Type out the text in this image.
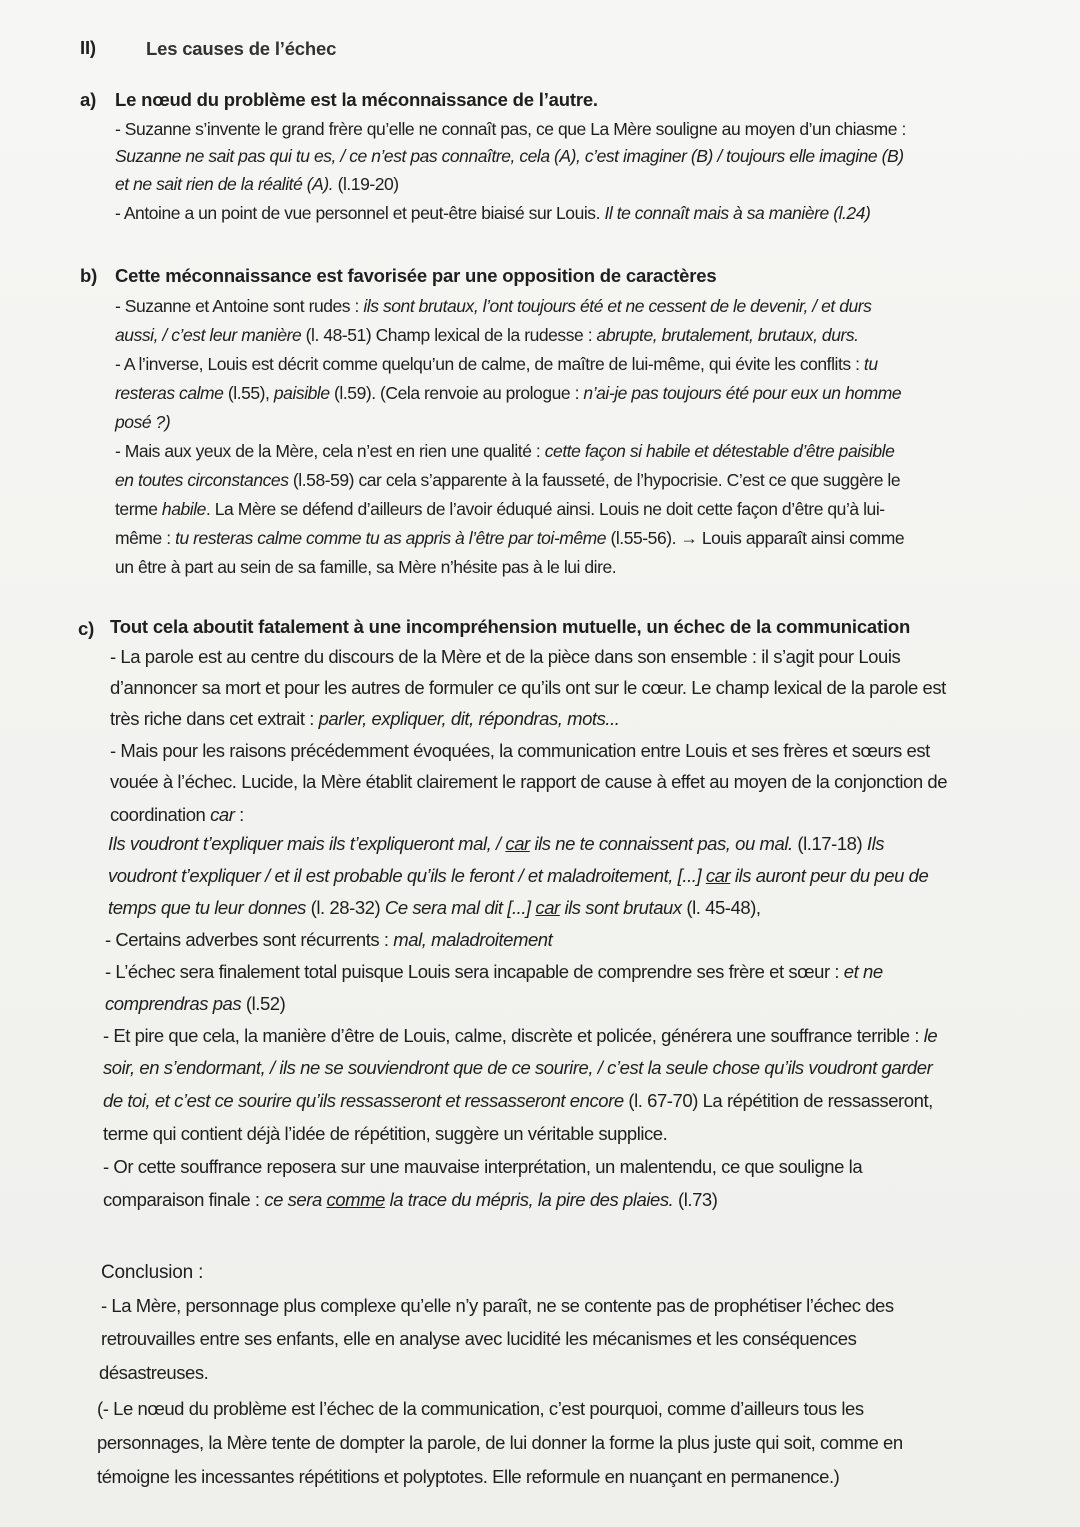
II)	Les causes de l’échec
a) Le nœud du problème est la méconnaissance de l’autre.
- Suzanne s’invente le grand frère qu’elle ne connaît pas, ce que La Mère souligne au moyen d’un chiasme :
Suzanne ne sait pas qui tu es, / ce n’est pas connaître, cela (A), c’est imaginer (B) / toujours elle imagine (B)
et ne sait rien de la réalité (A). (l.19-20)
- Antoine a un point de vue personnel et peut-être biaisé sur Louis. Il te connaît mais à sa manière (l.24)
b) Cette méconnaissance est favorisée par une opposition de caractères
- Suzanne et Antoine sont rudes : ils sont brutaux, l’ont toujours été et ne cessent de le devenir, / et durs
aussi, / c’est leur manière (l. 48-51) Champ lexical de la rudesse : abrupte, brutalement, brutaux, durs.
- A l’inverse, Louis est décrit comme quelqu’un de calme, de maître de lui-même, qui évite les conflits : tu
resteras calme (l.55), paisible (l.59). (Cela renvoie au prologue : n’ai-je pas toujours été pour eux un homme
posé ?)
- Mais aux yeux de la Mère, cela n’est en rien une qualité : cette façon si habile et détestable d’être paisible
en toutes circonstances (l.58-59) car cela s’apparente à la fausseté, de l’hypocrisie. C’est ce que suggère le
terme habile. La Mère se défend d’ailleurs de l’avoir éduqué ainsi. Louis ne doit cette façon d’être qu’à lui-
même : tu resteras calme comme tu as appris à l’être par toi-même (l.55-56). → Louis apparaît ainsi comme
un être à part au sein de sa famille, sa Mère n’hésite pas à le lui dire.
c) Tout cela aboutit fatalement à une incompréhension mutuelle, un échec de la communication
- La parole est au centre du discours de la Mère et de la pièce dans son ensemble : il s’agit pour Louis
d’annoncer sa mort et pour les autres de formuler ce qu’ils ont sur le cœur. Le champ lexical de la parole est
très riche dans cet extrait : parler, expliquer, dit, répondras, mots...
- Mais pour les raisons précédemment évoquées, la communication entre Louis et ses frères et sœurs est
vouée à l’échec. Lucide, la Mère établit clairement le rapport de cause à effet au moyen de la conjonction de
coordination car :
Ils voudront t’expliquer mais ils t’expliqueront mal, / car ils ne te connaissent pas, ou mal. (l.17-18) Ils
voudront t’expliquer / et il est probable qu’ils le feront / et maladroitement, [...] car ils auront peur du peu de
temps que tu leur donnes (l. 28-32) Ce sera mal dit [...] car ils sont brutaux (l. 45-48),
- Certains adverbes sont récurrents : mal, maladroitement
- L’échec sera finalement total puisque Louis sera incapable de comprendre ses frère et sœur : et ne
comprendras pas (l.52)
- Et pire que cela, la manière d’être de Louis, calme, discrète et policée, générera une souffrance terrible : le
soir, en s’endormant, / ils ne se souviendront que de ce sourire, / c’est la seule chose qu’ils voudront garder
de toi, et c’est ce sourire qu’ils ressasseront et ressasseront encore (l. 67-70) La répétition de ressasseront,
terme qui contient déjà l’idée de répétition, suggère un véritable supplice.
- Or cette souffrance reposera sur une mauvaise interprétation, un malentendu, ce que souligne la
comparaison finale : ce sera comme la trace du mépris, la pire des plaies. (l.73)
Conclusion :
- La Mère, personnage plus complexe qu’elle n’y paraît, ne se contente pas de prophétiser l’échec des
retrouvailles entre ses enfants, elle en analyse avec lucidité les mécanismes et les conséquences
désastreuses.
(- Le nœud du problème est l’échec de la communication, c’est pourquoi, comme d’ailleurs tous les
personnages, la Mère tente de dompter la parole, de lui donner la forme la plus juste qui soit, comme en
témoigne les incessantes répétitions et polyptotes. Elle reformule en nuançant en permanence.)
